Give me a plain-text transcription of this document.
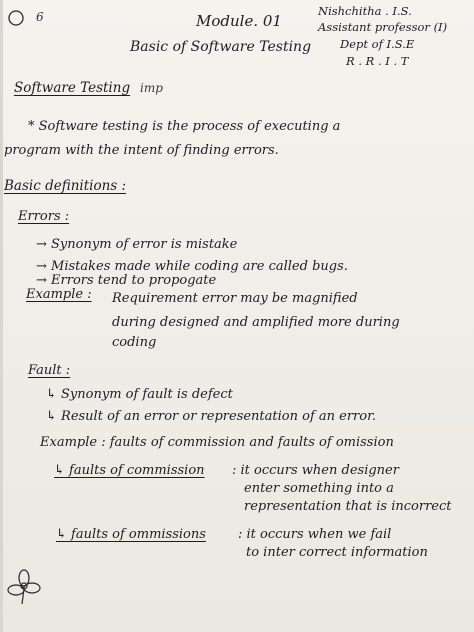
6	Module. 01
Basic of Software Testing
Nishchitha . I.S.
Assistant professor (I)
Dept of I.S.E
R . R . I . T
Software Testing imp
* Software testing is the process of executing a
program with the intent of finding errors.
Basic definitions :
Errors :
→ Synonym of error is mistake
→ Mistakes made while coding are called bugs.
→ Errors tend to propogate
Example : Requirement error may be magnified
during designed and amplified more during
coding
Fault :
↳ Synonym of fault is defect
↳ Result of an error or representation of an error.
Example : faults of commission and faults of omission
↳ faults of commission : it occurs when designer
enter something into a
representation that is incorrect
↳ faults of ommissions : it occurs when we fail
to inter correct information
